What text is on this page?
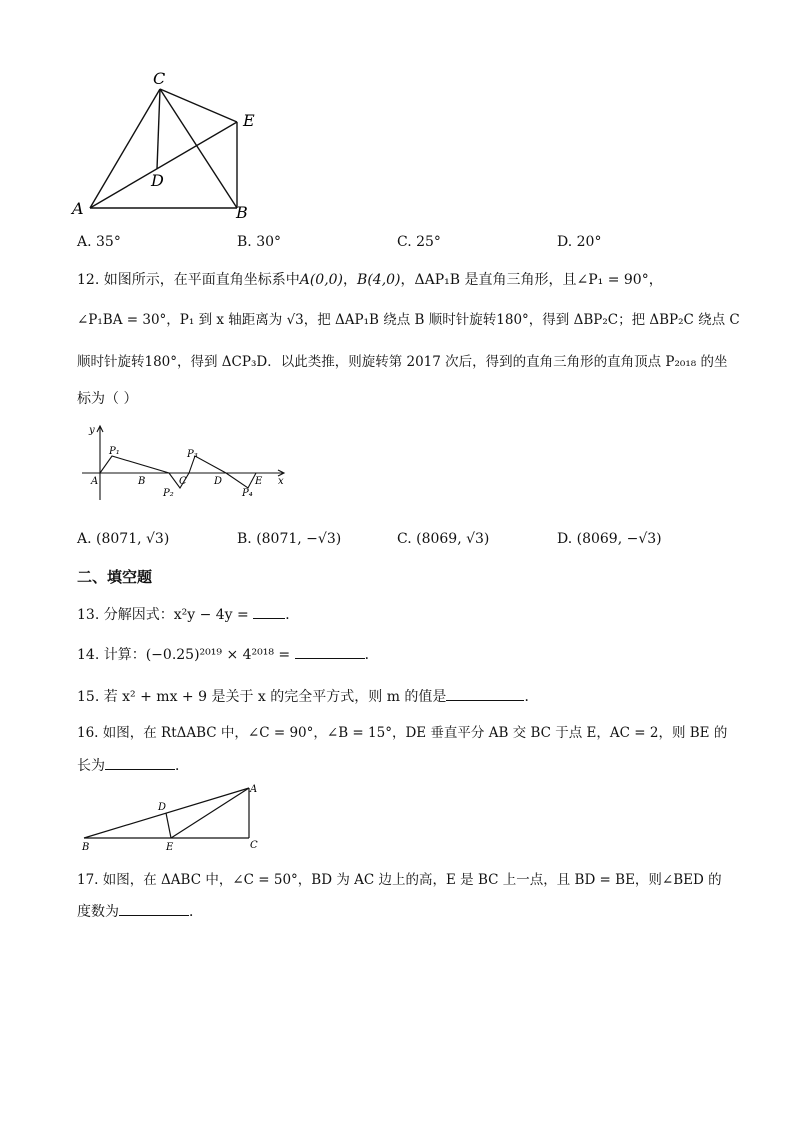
C
E
D
A	B
A. 35°	B. 30°	C. 25°	D. 20°
12. 如图所示，在平面直角坐标系中A(0,0)，B(4,0)，ΔAP₁B 是直角三角形，且∠P₁ = 90°，
∠P₁BA = 30°，P₁ 到 x 轴距离为 √3，把 ΔAP₁B 绕点 B 顺时针旋转180°，得到 ΔBP₂C；把 ΔBP₂C 绕点 C
顺时针旋转180°，得到 ΔCP₃D．以此类推，则旋转第 2017 次后，得到的直角三角形的直角顶点 P₂₀₁₈ 的坐
标为（ ）
y
x
A
P₁
B
P₂
C
P₃
D
P₄
E
A. (8071, √3)	B. (8071, −√3)	C. (8069, √3)	D. (8069, −√3)
二、填空题
13. 分解因式：x²y − 4y = ．
14. 计算：(−0.25)²⁰¹⁹ × 4²⁰¹⁸ =	．
15. 若 x² + mx + 9 是关于 x 的完全平方式，则 m 的值是	．
16. 如图，在 RtΔABC 中，∠C = 90°，∠B = 15°，DE 垂直平分 AB 交 BC 于点 E，AC = 2，则 BE 的
长为	．
A
B	C
D
E
17. 如图，在 ΔABC 中，∠C = 50°，BD 为 AC 边上的高，E 是 BC 上一点，且 BD = BE，则∠BED 的
度数为	．
